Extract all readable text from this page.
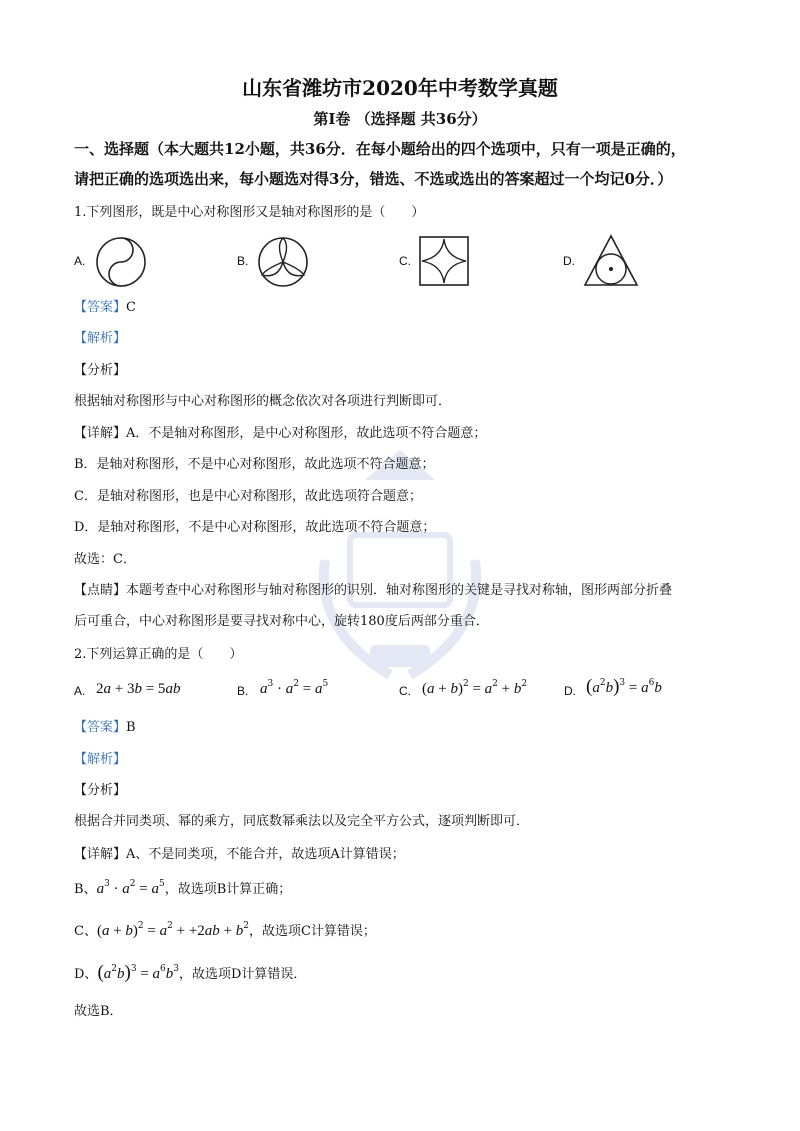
山东省潍坊市2020年中考数学真题
第Ⅰ卷 （选择题 共36分）
一、选择题（本大题共12小题，共36分．在每小题给出的四个选项中，只有一项是正确的，
请把正确的选项选出来，每小题选对得3分，错选、不选或选出的答案超过一个均记0分．）
1.下列图形，既是中心对称图形又是轴对称图形的是（　　）
A.	B.	C.	D.
【答案】C
【解析】
【分析】
根据轴对称图形与中心对称图形的概念依次对各项进行判断即可．
【详解】A．不是轴对称图形，是中心对称图形，故此选项不符合题意；
B．是轴对称图形，不是中心对称图形，故此选项不符合题意；
C．是轴对称图形，也是中心对称图形，故此选项符合题意；
D．是轴对称图形，不是中心对称图形，故此选项不符合题意；
故选：C．
【点睛】本题考查中心对称图形与轴对称图形的识别．轴对称图形的关键是寻找对称轴，图形两部分折叠
后可重合，中心对称图形是要寻找对称中心，旋转180度后两部分重合．
2.下列运算正确的是（　　）
A. 2a + 3b = 5ab	B. $a^3 \cdot a^2 = a^5$	C. $(a + b)^2 = a^2 + b^2$	D. $(a^2b)^3 = a^6b$
【答案】B
【解析】
【分析】
根据合并同类项、幂的乘方，同底数幂乘法以及完全平方公式，逐项判断即可．
【详解】A、不是同类项，不能合并，故选项A计算错误；
B、$a^3 \cdot a^2 = a^5$，故选项B计算正确；
C、$(a + b)^2 = a^2 + +2ab + b^2$，故选项C计算错误；
D、$(a^2b)^3 = a^6b^3$，故选项D计算错误．
故选B．
